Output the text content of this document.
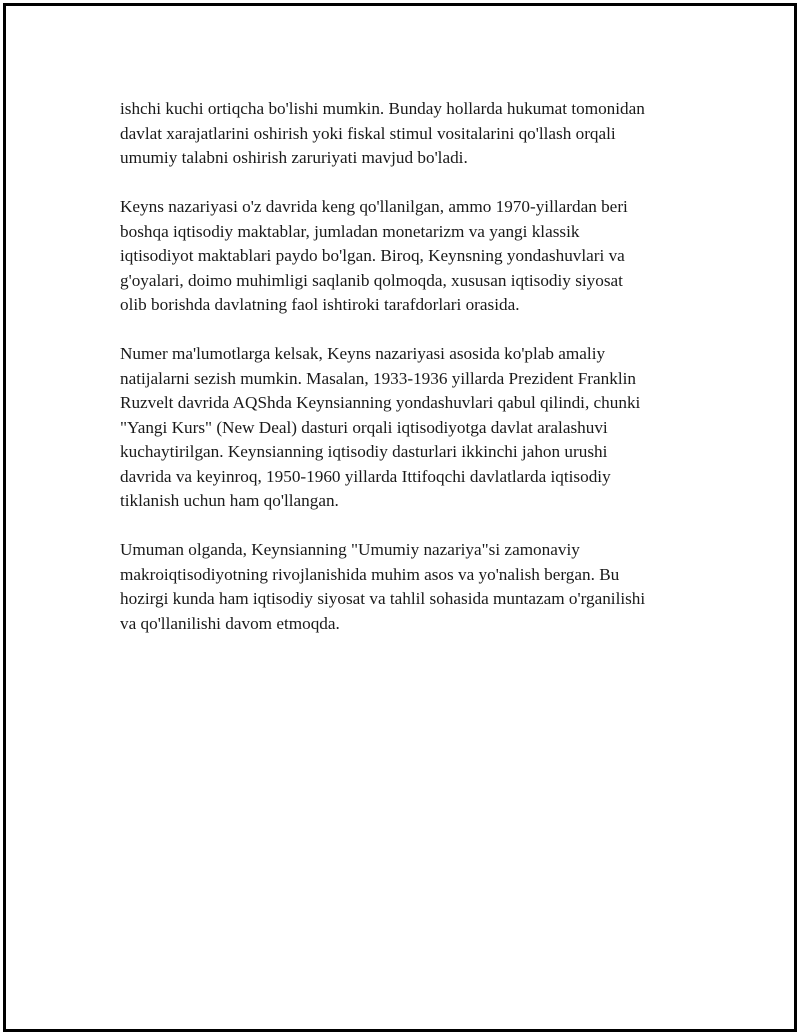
ishchi kuchi ortiqcha bo'lishi mumkin. Bunday hollarda hukumat tomonidan
davlat xarajatlarini oshirish yoki fiskal stimul vositalarini qo'llash orqali
umumiy talabni oshirish zaruriyati mavjud bo'ladi.

Keyns nazariyasi o'z davrida keng qo'llanilgan, ammo 1970-yillardan beri
boshqa iqtisodiy maktablar, jumladan monetarizm va yangi klassik
iqtisodiyot maktablari paydo bo'lgan. Biroq, Keynsning yondashuvlari va
g'oyalari, doimo muhimligi saqlanib qolmoqda, xususan iqtisodiy siyosat
olib borishda davlatning faol ishtiroki tarafdorlari orasida.

Numer ma'lumotlarga kelsak, Keyns nazariyasi asosida ko'plab amaliy
natijalarni sezish mumkin. Masalan, 1933-1936 yillarda Prezident Franklin
Ruzvelt davrida AQShda Keynsianning yondashuvlari qabul qilindi, chunki
"Yangi Kurs" (New Deal) dasturi orqali iqtisodiyotga davlat aralashuvi
kuchaytirilgan. Keynsianning iqtisodiy dasturlari ikkinchi jahon urushi
davrida va keyinroq, 1950-1960 yillarda Ittifoqchi davlatlarda iqtisodiy
tiklanish uchun ham qo'llangan.

Umuman olganda, Keynsianning "Umumiy nazariya"si zamonaviy
makroiqtisodiyotning rivojlanishida muhim asos va yo'nalish bergan. Bu
hozirgi kunda ham iqtisodiy siyosat va tahlil sohasida muntazam o'rganilishi
va qo'llanilishi davom etmoqda.
